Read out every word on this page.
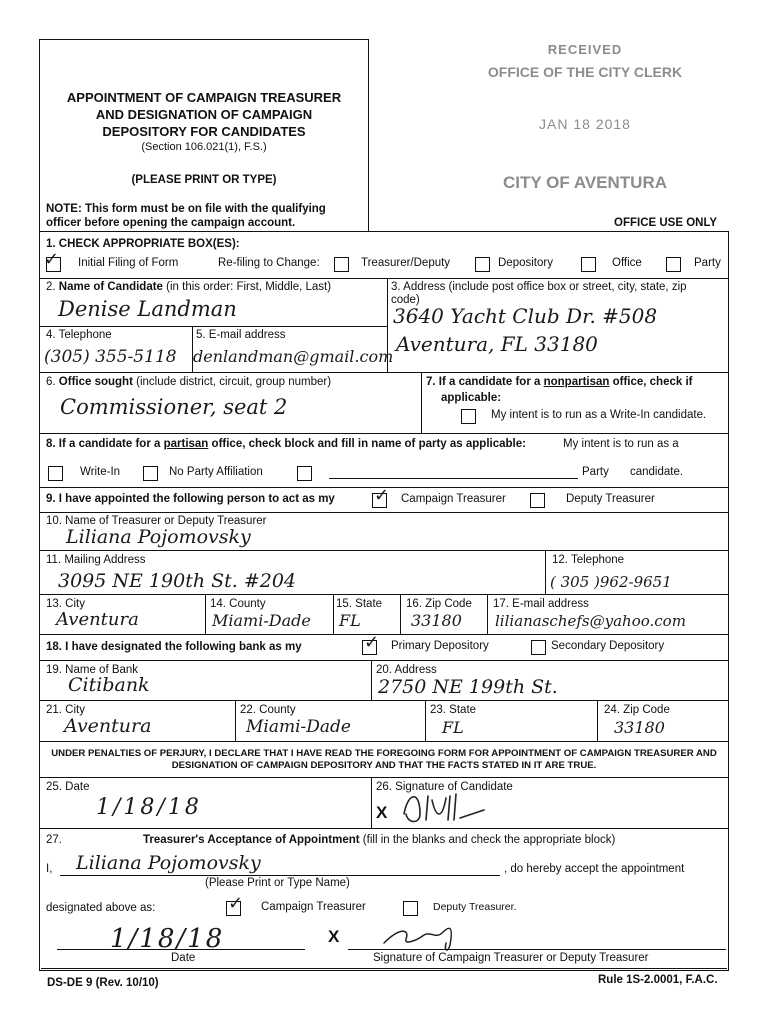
APPOINTMENT OF CAMPAIGN TREASURER
AND DESIGNATION OF CAMPAIGN
DEPOSITORY FOR CANDIDATES
(Section 106.021(1), F.S.)
(PLEASE PRINT OR TYPE)
NOTE: This form must be on file with the qualifying
officer before opening the campaign account.
RECEIVED
OFFICE OF THE CITY CLERK
JAN 18 2018
CITY OF AVENTURA
OFFICE USE ONLY
1. CHECK APPROPRIATE BOX(ES):
✓ Initial Filing of Form	Re-filing to Change:	Treasurer/Deputy	Depository	Office	Party
2. Name of Candidate (in this order: First, Middle, Last)
Denise Landman
3. Address (include post office box or street, city, state, zip
code)
3640 Yacht Club Dr. #508
Aventura, FL 33180
4. Telephone
(305) 355-5118
5. E-mail address
denlandman@gmail.com
6. Office sought (include district, circuit, group number)
Commissioner, seat 2
7. If a candidate for a nonpartisan office, check if
applicable:
My intent is to run as a Write-In candidate.
8. If a candidate for a partisan office, check block and fill in name of party as applicable:	My intent is to run as a
Write-In	No Party Affiliation	Party candidate.
9. I have appointed the following person to act as my ✓ Campaign Treasurer	Deputy Treasurer
10. Name of Treasurer or Deputy Treasurer
Liliana Pojomovsky
11. Mailing Address
3095 NE 190th St. #204
12. Telephone
( 305 )962-9651
13. City
Aventura
14. County
Miami-Dade
15. State
FL
16. Zip Code
33180
17. E-mail address
lilianaschefs@yahoo.com
18. I have designated the following bank as my	✓ Primary Depository	Secondary Depository
19. Name of Bank
Citibank
20. Address
2750 NE 199th St.
21. City
Aventura
22. County
Miami-Dade
23. State
FL
24. Zip Code
33180
UNDER PENALTIES OF PERJURY, I DECLARE THAT I HAVE READ THE FOREGOING FORM FOR APPOINTMENT OF CAMPAIGN TREASURER AND
DESIGNATION OF CAMPAIGN DEPOSITORY AND THAT THE FACTS STATED IN IT ARE TRUE.
25. Date
1/18/18
26. Signature of Candidate
X
27.	Treasurer's Acceptance of Appointment (fill in the blanks and check the appropriate block)
I, Liliana Pojomovsky	, do hereby accept the appointment
(Please Print or Type Name)
designated above as:	✓ Campaign Treasurer	Deputy Treasurer.
1/18/18
Date
X
Signature of Campaign Treasurer or Deputy Treasurer
DS-DE 9 (Rev. 10/10)	Rule 1S-2.0001, F.A.C.
